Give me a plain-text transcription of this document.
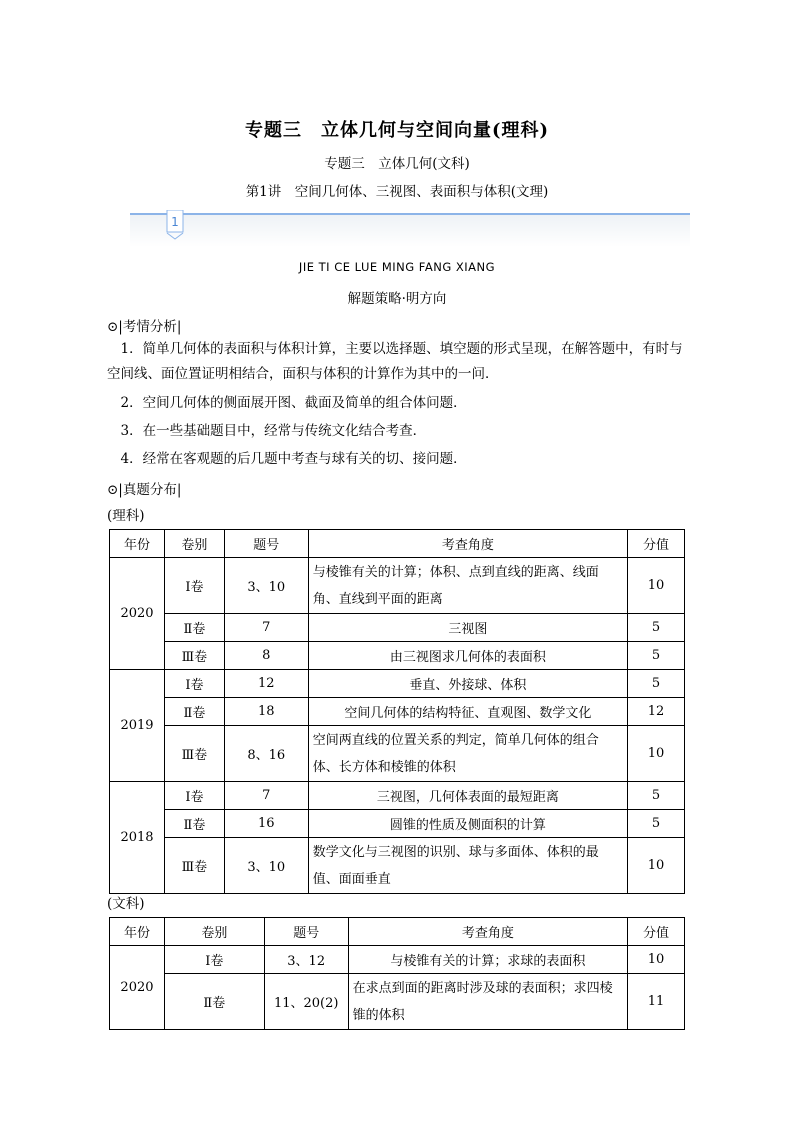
专题三　立体几何与空间向量(理科)
专题三　立体几何(文科)
第1讲　空间几何体、三视图、表面积与体积(文理)
1
JIE TI CE LUE MING FANG XIANG
解题策略·明方向
⊙|考情分析|
1．简单几何体的表面积与体积计算，主要以选择题、填空题的形式呈现，在解答题中，有时与空间线、面位置证明相结合，面积与体积的计算作为其中的一问．
2．空间几何体的侧面展开图、截面及简单的组合体问题．
3．在一些基础题目中，经常与传统文化结合考查．
4．经常在客观题的后几题中考查与球有关的切、接问题．
⊙|真题分布|
(理科)
年份	卷别	题号	考查角度	分值
2020	Ⅰ卷	3、10	与棱锥有关的计算；体积、点到直线的距离、线面角、直线到平面的距离	10
	Ⅱ卷	7	三视图	5
	Ⅲ卷	8	由三视图求几何体的表面积	5
2019	Ⅰ卷	12	垂直、外接球、体积	5
	Ⅱ卷	18	空间几何体的结构特征、直观图、数学文化	12
	Ⅲ卷	8、16	空间两直线的位置关系的判定，简单几何体的组合体、长方体和棱锥的体积	10
2018	Ⅰ卷	7	三视图，几何体表面的最短距离	5
	Ⅱ卷	16	圆锥的性质及侧面积的计算	5
	Ⅲ卷	3、10	数学文化与三视图的识别、球与多面体、体积的最值、面面垂直	10
(文科)
年份	卷别	题号	考查角度	分值
2020	Ⅰ卷	3、12	与棱锥有关的计算；求球的表面积	10
	Ⅱ卷	11、20(2)	在求点到面的距离时涉及球的表面积；求四棱锥的体积	11
